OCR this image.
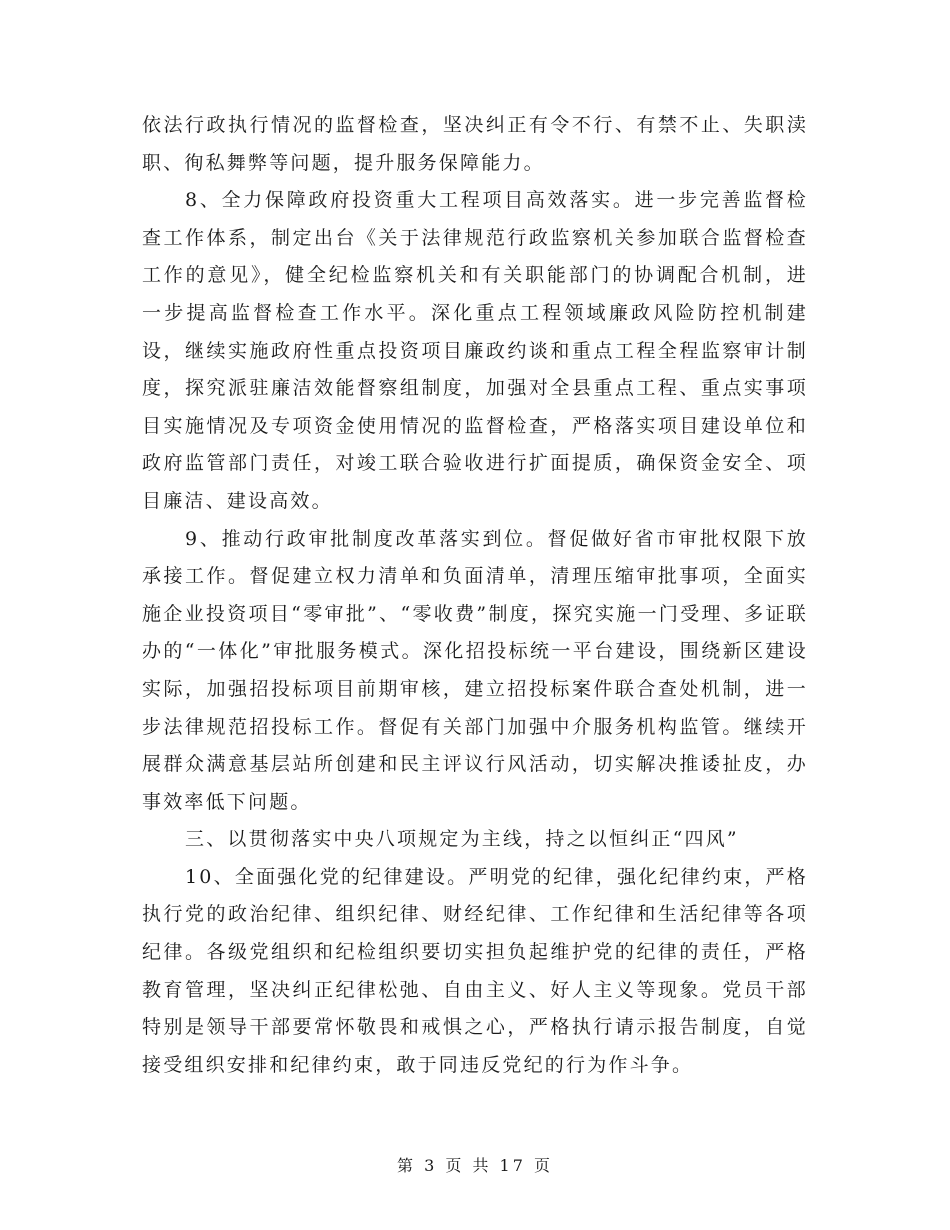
依法行政执行情况的监督检查，坚决纠正有令不行、有禁不止、失职渎职、徇私舞弊等问题，提升服务保障能力。

8、全力保障政府投资重大工程项目高效落实。进一步完善监督检查工作体系，制定出台《关于法律规范行政监察机关参加联合监督检查工作的意见》，健全纪检监察机关和有关职能部门的协调配合机制，进一步提高监督检查工作水平。深化重点工程领域廉政风险防控机制建设，继续实施政府性重点投资项目廉政约谈和重点工程全程监察审计制度，探究派驻廉洁效能督察组制度，加强对全县重点工程、重点实事项目实施情况及专项资金使用情况的监督检查，严格落实项目建设单位和政府监管部门责任，对竣工联合验收进行扩面提质，确保资金安全、项目廉洁、建设高效。

9、推动行政审批制度改革落实到位。督促做好省市审批权限下放承接工作。督促建立权力清单和负面清单，清理压缩审批事项，全面实施企业投资项目“零审批”、“零收费”制度，探究实施一门受理、多证联办的“一体化”审批服务模式。深化招投标统一平台建设，围绕新区建设实际，加强招投标项目前期审核，建立招投标案件联合查处机制，进一步法律规范招投标工作。督促有关部门加强中介服务机构监管。继续开展群众满意基层站所创建和民主评议行风活动，切实解决推诿扯皮，办事效率低下问题。

三、以贯彻落实中央八项规定为主线，持之以恒纠正“四风”

10、全面强化党的纪律建设。严明党的纪律，强化纪律约束，严格执行党的政治纪律、组织纪律、财经纪律、工作纪律和生活纪律等各项纪律。各级党组织和纪检组织要切实担负起维护党的纪律的责任，严格教育管理，坚决纠正纪律松弛、自由主义、好人主义等现象。党员干部特别是领导干部要常怀敬畏和戒惧之心，严格执行请示报告制度，自觉接受组织安排和纪律约束，敢于同违反党纪的行为作斗争。

第 3 页 共 17 页
